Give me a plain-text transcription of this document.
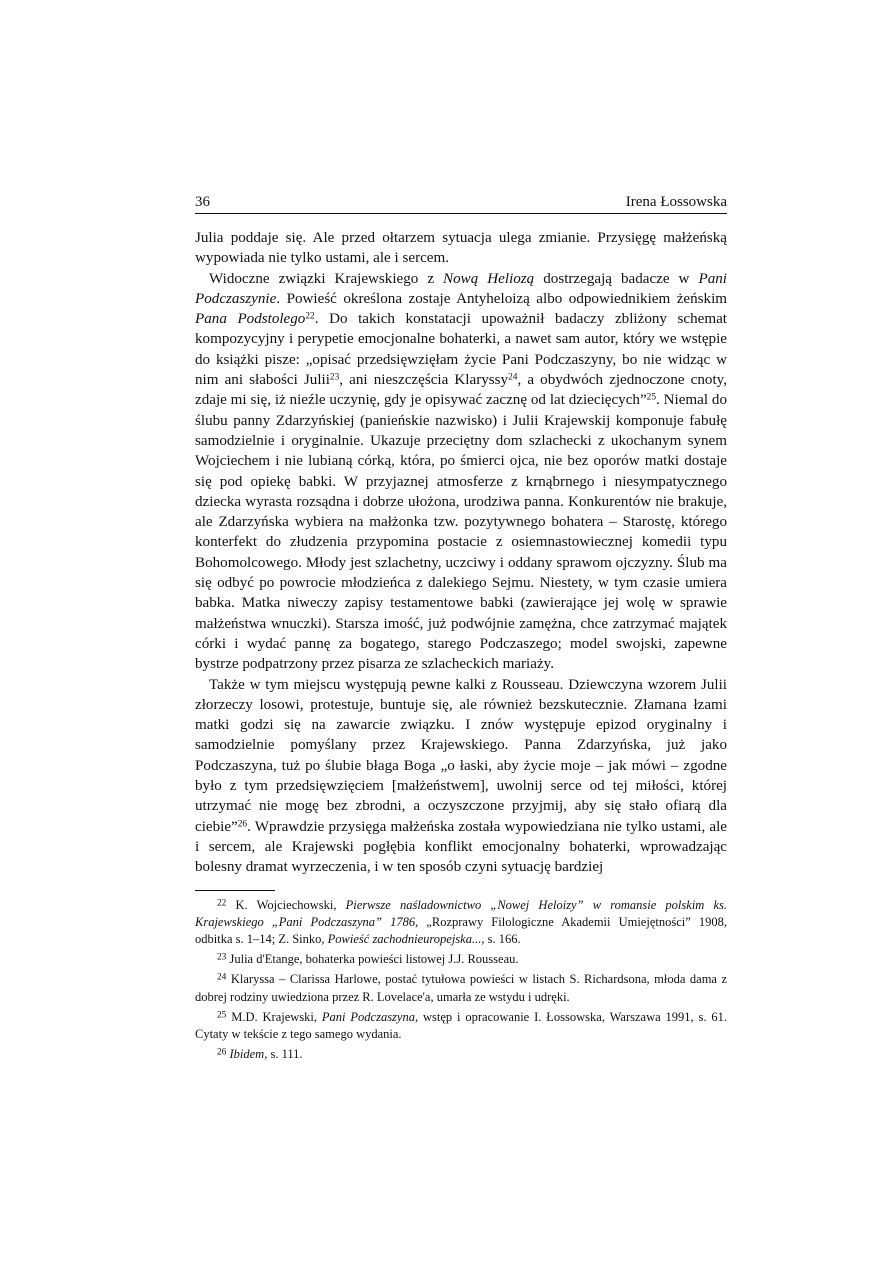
36	Irena Łossowska

Julia poddaje się. Ale przed ołtarzem sytuacja ulega zmianie. Przysięgę małżeńską wypowiada nie tylko ustami, ale i sercem.

Widoczne związki Krajewskiego z Nową Heliozą dostrzegają badacze w Pani Podczaszynie. Powieść określona zostaje Antyheloizą albo odpowiednikiem żeńskim Pana Podstolego$^{22}$. Do takich konstatacji upoważnił badaczy zbliżony schemat kompozycyjny i perypetie emocjonalne bohaterki, a nawet sam autor, który we wstępie do książki pisze: „opisać przedsięwzięłam życie Pani Podczaszyny, bo nie widząc w nim ani słabości Julii$^{23}$, ani nieszczęścia Klaryssy$^{24}$, a obydwóch zjednoczone cnoty, zdaje mi się, iż nieźle uczynię, gdy je opisywać zacznę od lat dziecięcych”$^{25}$. Niemal do ślubu panny Zdarzyńskiej (panieńskie nazwisko) i Julii Krajewskij komponuje fabułę samodzielnie i oryginalnie. Ukazuje przeciętny dom szlachecki z ukochanym synem Wojciechem i nie lubianą córką, która, po śmierci ojca, nie bez oporów matki dostaje się pod opiekę babki. W przyjaznej atmosferze z krnąbrnego i niesympatycznego dziecka wyrasta rozsądna i dobrze ułożona, urodziwa panna. Konkurentów nie brakuje, ale Zdarzyńska wybiera na małżonka tzw. pozytywnego bohatera – Starostę, którego konterfekt do złudzenia przypomina postacie z osiemnastowiecznej komedii typu Bohomolcowego. Młody jest szlachetny, uczciwy i oddany sprawom ojczyzny. Ślub ma się odbyć po powrocie młodzieńca z dalekiego Sejmu. Niestety, w tym czasie umiera babka. Matka niweczy zapisy testamentowe babki (zawierające jej wolę w sprawie małżeństwa wnuczki). Starsza imość, już podwójnie zamężna, chce zatrzymać majątek córki i wydać pannę za bogatego, starego Podczaszego; model swojski, zapewne bystrze podpatrzony przez pisarza ze szlacheckich mariaży.

Także w tym miejscu występują pewne kalki z Rousseau. Dziewczyna wzorem Julii złorzeczy losowi, protestuje, buntuje się, ale również bezskutecznie. Złamana łzami matki godzi się na zawarcie związku. I znów występuje epizod oryginalny i samodzielnie pomyślany przez Krajewskiego. Panna Zdarzyńska, już jako Podczaszyna, tuż po ślubie błaga Boga „o łaski, aby życie moje – jak mówi – zgodne było z tym przedsięwzięciem [małżeństwem], uwolnij serce od tej miłości, której utrzymać nie mogę bez zbrodni, a oczyszczone przyjmij, aby się stało ofiarą dla ciebie”$^{26}$. Wprawdzie przysięga małżeńska została wypowiedziana nie tylko ustami, ale i sercem, ale Krajewski pogłębia konflikt emocjonalny bohaterki, wprowadzając bolesny dramat wyrzeczenia, i w ten sposób czyni sytuację bardziej

$^{22}$ K. Wojciechowski, Pierwsze naśladownictwo „Nowej Heloizy” w romansie polskim ks. Krajewskiego „Pani Podczaszyna” 1786, „Rozprawy Filologiczne Akademii Umiejętności” 1908, odbitka s. 1–14; Z. Sinko, Powieść zachodnieuropejska..., s. 166.

$^{23}$ Julia d'Etange, bohaterka powieści listowej J.J. Rousseau.

$^{24}$ Klaryssa – Clarissa Harlowe, postać tytułowa powieści w listach S. Richardsona, młoda dama z dobrej rodziny uwiedziona przez R. Lovelace'a, umarła ze wstydu i udręki.

$^{25}$ M.D. Krajewski, Pani Podczaszyna, wstęp i opracowanie I. Łossowska, Warszawa 1991, s. 61. Cytaty w tekście z tego samego wydania.

$^{26}$ Ibidem, s. 111.
